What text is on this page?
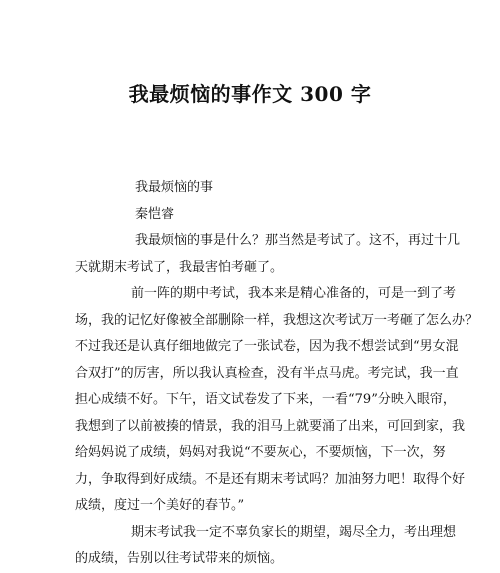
我最烦恼的事作文 300 字
我最烦恼的事
秦恺睿
我最烦恼的事是什么？那当然是考试了。这不，再过十几
天就期末考试了，我最害怕考砸了。
前一阵的期中考试，我本来是精心准备的，可是一到了考
场，我的记忆好像被全部删除一样，我想这次考试万一考砸了怎么办？
不过我还是认真仔细地做完了一张试卷，因为我不想尝试到“男女混
合双打”的厉害，所以我认真检查，没有半点马虎。考完试，我一直
担心成绩不好。下午，语文试卷发了下来，一看“79”分映入眼帘，
我想到了以前被揍的情景，我的泪马上就要涌了出来，可回到家，我
给妈妈说了成绩，妈妈对我说“不要灰心，不要烦恼，下一次，努
力，争取得到好成绩。不是还有期末考试吗？加油努力吧！取得个好
成绩，度过一个美好的春节。”
期末考试我一定不辜负家长的期望，竭尽全力，考出理想
的成绩，告别以往考试带来的烦恼。
